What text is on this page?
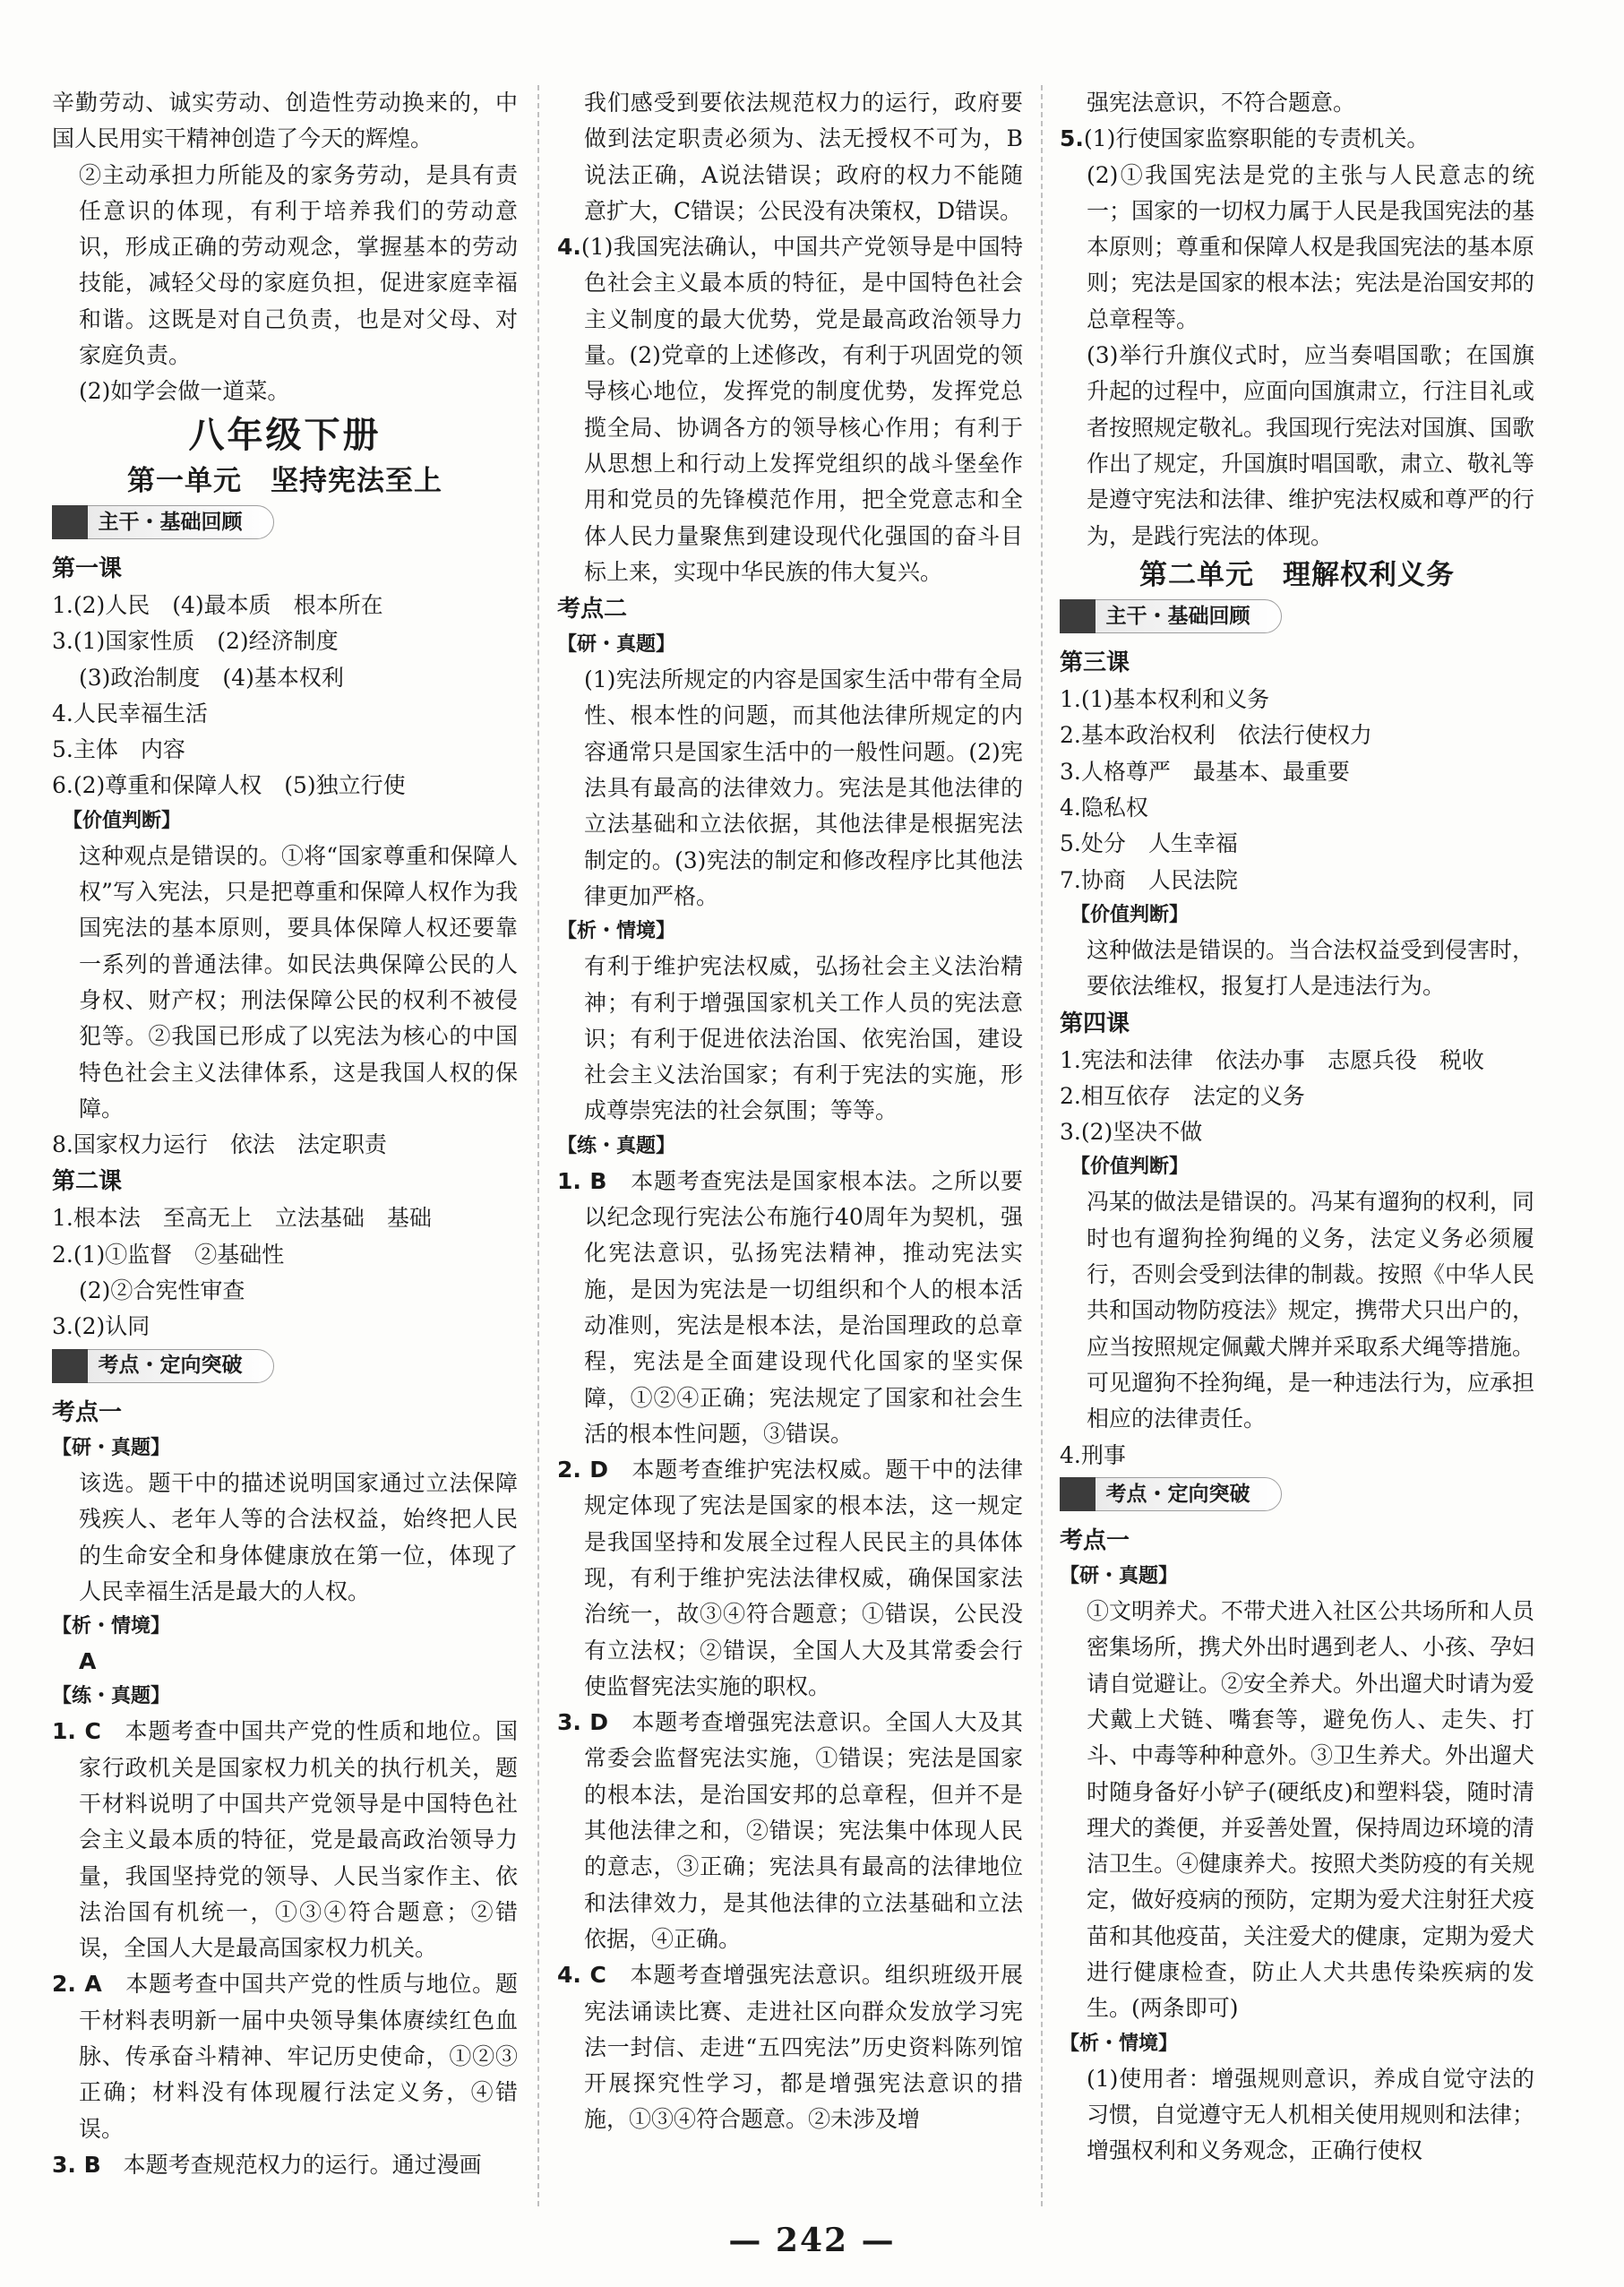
辛勤劳动、诚实劳动、创造性劳动换来的，中国人民用实干精神创造了今天的辉煌。
②主动承担力所能及的家务劳动，是具有责任意识的体现，有利于培养我们的劳动意识，形成正确的劳动观念，掌握基本的劳动技能，减轻父母的家庭负担，促进家庭幸福和谐。这既是对自己负责，也是对父母、对家庭负责。
(2)如学会做一道菜。
八年级下册
第一单元　坚持宪法至上
主干・基础回顾
第一课
1.(2)人民　(4)最本质　根本所在
3.(1)国家性质　(2)经济制度
(3)政治制度　(4)基本权利
4.人民幸福生活
5.主体　内容
6.(2)尊重和保障人权　(5)独立行使
【价值判断】
这种观点是错误的。①将“国家尊重和保障人权”写入宪法，只是把尊重和保障人权作为我国宪法的基本原则，要具体保障人权还要靠一系列的普通法律。如民法典保障公民的人身权、财产权；刑法保障公民的权利不被侵犯等。②我国已形成了以宪法为核心的中国特色社会主义法律体系，这是我国人权的保障。
8.国家权力运行　依法　法定职责
第二课
1.根本法　至高无上　立法基础　基础
2.(1)①监督　②基础性
(2)②合宪性审查
3.(2)认同
考点・定向突破
考点一
【研・真题】
该选。题干中的描述说明国家通过立法保障残疾人、老年人等的合法权益，始终把人民的生命安全和身体健康放在第一位，体现了人民幸福生活是最大的人权。
【析・情境】
A
【练・真题】
1. C　 本题考查中国共产党的性质和地位。国家行政机关是国家权力机关的执行机关，题干材料说明了中国共产党领导是中国特色社会主义最本质的特征，党是最高政治领导力量，我国坚持党的领导、人民当家作主、依法治国有机统一，①③④符合题意；②错误，全国人大是最高国家权力机关。
2. A　 本题考查中国共产党的性质与地位。题干材料表明新一届中央领导集体赓续红色血脉、传承奋斗精神、牢记历史使命，①②③正确；材料没有体现履行法定义务，④错误。
3. B　 本题考查规范权力的运行。通过漫画
我们感受到要依法规范权力的运行，政府要做到法定职责必须为、法无授权不可为，B说法正确，A说法错误；政府的权力不能随意扩大，C错误；公民没有决策权，D错误。
4.(1)我国宪法确认，中国共产党领导是中国特色社会主义最本质的特征，是中国特色社会主义制度的最大优势，党是最高政治领导力量。(2)党章的上述修改，有利于巩固党的领导核心地位，发挥党的制度优势，发挥党总揽全局、协调各方的领导核心作用；有利于从思想上和行动上发挥党组织的战斗堡垒作用和党员的先锋模范作用，把全党意志和全体人民力量聚焦到建设现代化强国的奋斗目标上来，实现中华民族的伟大复兴。
考点二
【研・真题】
(1)宪法所规定的内容是国家生活中带有全局性、根本性的问题，而其他法律所规定的内容通常只是国家生活中的一般性问题。(2)宪法具有最高的法律效力。宪法是其他法律的立法基础和立法依据，其他法律是根据宪法制定的。(3)宪法的制定和修改程序比其他法律更加严格。
【析・情境】
有利于维护宪法权威，弘扬社会主义法治精神；有利于增强国家机关工作人员的宪法意识；有利于促进依法治国、依宪治国，建设社会主义法治国家；有利于宪法的实施，形成尊崇宪法的社会氛围；等等。
【练・真题】
1. B　 本题考查宪法是国家根本法。之所以要以纪念现行宪法公布施行40周年为契机，强化宪法意识，弘扬宪法精神，推动宪法实施，是因为宪法是一切组织和个人的根本活动准则，宪法是根本法，是治国理政的总章程，宪法是全面建设现代化国家的坚实保障，①②④正确；宪法规定了国家和社会生活的根本性问题，③错误。
2. D　 本题考查维护宪法权威。题干中的法律规定体现了宪法是国家的根本法，这一规定是我国坚持和发展全过程人民民主的具体体现，有利于维护宪法法律权威，确保国家法治统一，故③④符合题意；①错误，公民没有立法权；②错误，全国人大及其常委会行使监督宪法实施的职权。
3. D　 本题考查增强宪法意识。全国人大及其常委会监督宪法实施，①错误；宪法是国家的根本法，是治国安邦的总章程，但并不是其他法律之和，②错误；宪法集中体现人民的意志，③正确；宪法具有最高的法律地位和法律效力，是其他法律的立法基础和立法依据，④正确。
4. C　 本题考查增强宪法意识。组织班级开展宪法诵读比赛、走进社区向群众发放学习宪法一封信、走进“五四宪法”历史资料陈列馆开展探究性学习，都是增强宪法意识的措施，①③④符合题意。②未涉及增
强宪法意识，不符合题意。
5.(1)行使国家监察职能的专责机关。
(2)①我国宪法是党的主张与人民意志的统一；国家的一切权力属于人民是我国宪法的基本原则；尊重和保障人权是我国宪法的基本原则；宪法是国家的根本法；宪法是治国安邦的总章程等。
(3)举行升旗仪式时，应当奏唱国歌；在国旗升起的过程中，应面向国旗肃立，行注目礼或者按照规定敬礼。我国现行宪法对国旗、国歌作出了规定，升国旗时唱国歌，肃立、敬礼等是遵守宪法和法律、维护宪法权威和尊严的行为，是践行宪法的体现。
第二单元　理解权利义务
主干・基础回顾
第三课
1.(1)基本权利和义务
2.基本政治权利　依法行使权力
3.人格尊严　最基本、最重要
4.隐私权
5.处分　人生幸福
7.协商　人民法院
【价值判断】
这种做法是错误的。当合法权益受到侵害时，要依法维权，报复打人是违法行为。
第四课
1.宪法和法律　依法办事　志愿兵役　税收
2.相互依存　法定的义务
3.(2)坚决不做
【价值判断】
冯某的做法是错误的。冯某有遛狗的权利，同时也有遛狗拴狗绳的义务，法定义务必须履行，否则会受到法律的制裁。按照《中华人民共和国动物防疫法》规定，携带犬只出户的，应当按照规定佩戴犬牌并采取系犬绳等措施。可见遛狗不拴狗绳，是一种违法行为，应承担相应的法律责任。
4.刑事
考点・定向突破
考点一
【研・真题】
①文明养犬。不带犬进入社区公共场所和人员密集场所，携犬外出时遇到老人、小孩、孕妇请自觉避让。②安全养犬。外出遛犬时请为爱犬戴上犬链、嘴套等，避免伤人、走失、打斗、中毒等种种意外。③卫生养犬。外出遛犬时随身备好小铲子(硬纸皮)和塑料袋，随时清理犬的粪便，并妥善处置，保持周边环境的清洁卫生。④健康养犬。按照犬类防疫的有关规定，做好疫病的预防，定期为爱犬注射狂犬疫苗和其他疫苗，关注爱犬的健康，定期为爱犬进行健康检查，防止人犬共患传染疾病的发生。(两条即可)
【析・情境】
(1)使用者：增强规则意识，养成自觉守法的习惯，自觉遵守无人机相关使用规则和法律；增强权利和义务观念，正确行使权
— 242 —
